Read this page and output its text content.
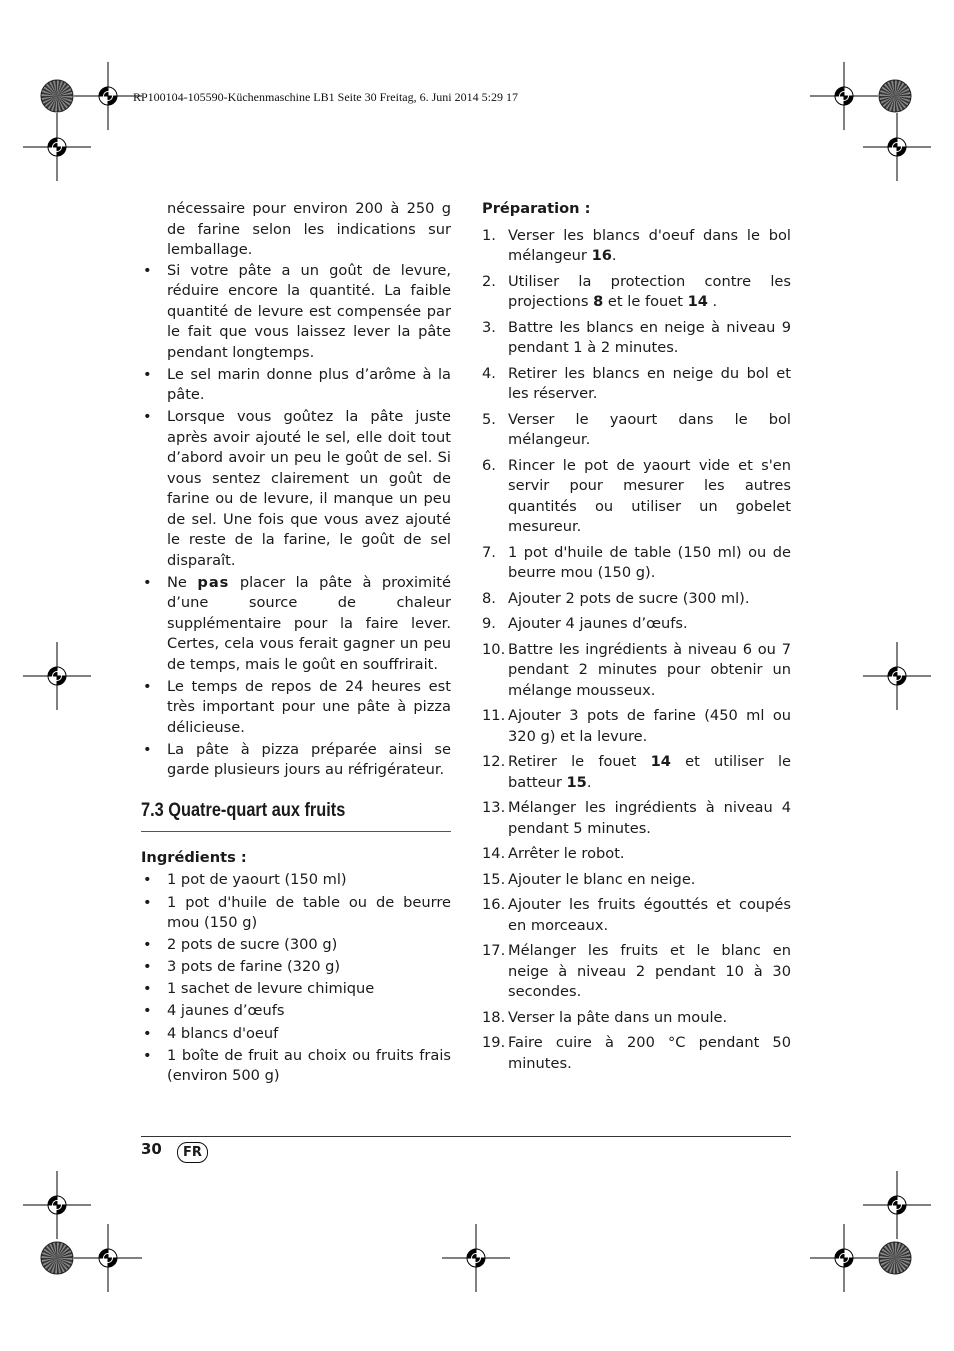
RP100104-105590-Küchenmaschine LB1 Seite 30 Freitag, 6. Juni 2014 5:29 17
nécessaire pour environ 200 à 250 g de farine selon les indications sur lemballage.
• Si votre pâte a un goût de levure, réduire encore la quantité. La faible quantité de levure est compensée par le fait que vous laissez lever la pâte pendant longtemps.
• Le sel marin donne plus d’arôme à la pâte.
• Lorsque vous goûtez la pâte juste après avoir ajouté le sel, elle doit tout d’abord avoir un peu le goût de sel. Si vous sentez clairement un goût de farine ou de levure, il manque un peu de sel. Une fois que vous avez ajouté le reste de la farine, le goût de sel disparaît.
• Ne pas placer la pâte à proximité d’une source de chaleur supplémentaire pour la faire lever. Certes, cela vous ferait gagner un peu de temps, mais le goût en souffrirait.
• Le temps de repos de 24 heures est très important pour une pâte à pizza délicieuse.
• La pâte à pizza préparée ainsi se garde plusieurs jours au réfrigérateur.
7.3 Quatre-quart aux fruits
Ingrédients :
• 1 pot de yaourt (150 ml)
• 1 pot d'huile de table ou de beurre mou (150 g)
• 2 pots de sucre (300 g)
• 3 pots de farine (320 g)
• 1 sachet de levure chimique
• 4 jaunes d’œufs
• 4 blancs d'oeuf
• 1 boîte de fruit au choix ou fruits frais (environ 500 g)
Préparation :
1. Verser les blancs d'oeuf dans le bol mélangeur 16.
2. Utiliser la protection contre les projections 8 et le fouet 14 .
3. Battre les blancs en neige à niveau 9 pendant 1 à 2 minutes.
4. Retirer les blancs en neige du bol et les réserver.
5. Verser le yaourt dans le bol mélangeur.
6. Rincer le pot de yaourt vide et s'en servir pour mesurer les autres quantités ou utiliser un gobelet mesureur.
7. 1 pot d'huile de table (150 ml) ou de beurre mou (150 g).
8. Ajouter 2 pots de sucre (300 ml).
9. Ajouter 4 jaunes d’œufs.
10. Battre les ingrédients à niveau 6 ou 7 pendant 2 minutes pour obtenir un mélange mousseux.
11. Ajouter 3 pots de farine (450 ml ou 320 g) et la levure.
12. Retirer le fouet 14 et utiliser le batteur 15.
13. Mélanger les ingrédients à niveau 4 pendant 5 minutes.
14. Arrêter le robot.
15. Ajouter le blanc en neige.
16. Ajouter les fruits égouttés et coupés en morceaux.
17. Mélanger les fruits et le blanc en neige à niveau 2 pendant 10 à 30 secondes.
18. Verser la pâte dans un moule.
19. Faire cuire à 200 °C pendant 50 minutes.
30	FR
